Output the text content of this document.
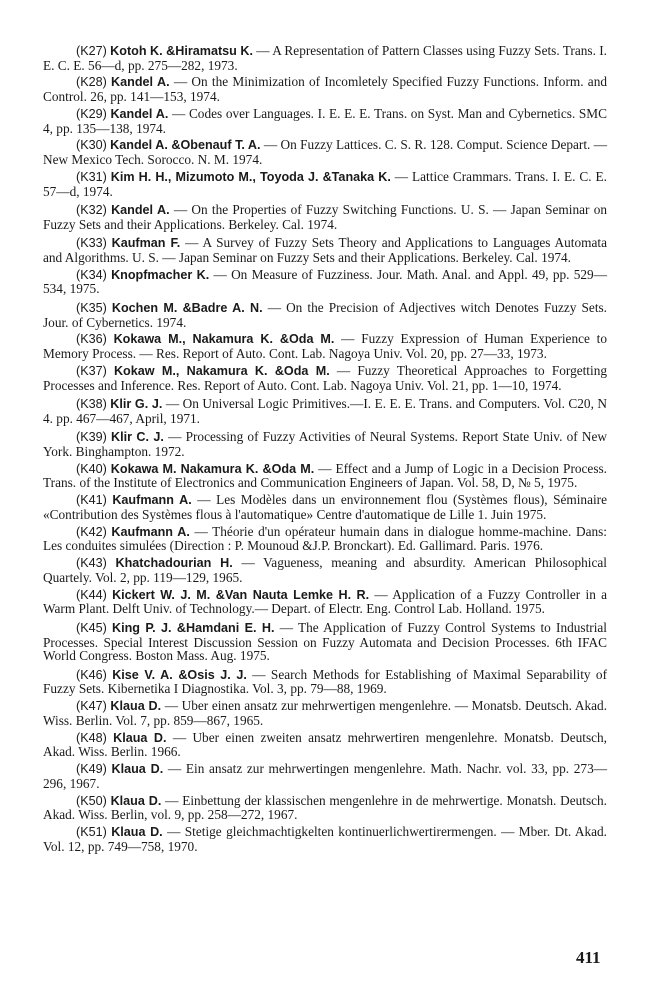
(K27) Kotoh K. &Hiramatsu K. — A Representation of Pattern Classes using Fuzzy Sets. Trans. I. E. C. E. 56—d, pp. 275—282, 1973.

(K28) Kandel A. — On the Minimization of Incomletely Specified Fuzzy Functions. Inform. and Control. 26, pp. 141—153, 1974.

(K29) Kandel A. — Codes over Languages. I. E. E. E. Trans. on Syst. Man and Cybernetics. SMC 4, pp. 135—138, 1974.

(K30) Kandel A. &Obenauf T. A. — On Fuzzy Lattices. C. S. R. 128. Comput. Science Depart. — New Mexico Tech. Sorocco. N. M. 1974.

(K31) Kim H. H., Mizumoto M., Toyoda J. &Tanaka K. — Lattice Crammars. Trans. I. E. C. E. 57—d, 1974.

(K32) Kandel A. — On the Properties of Fuzzy Switching Functions. U. S. — Japan Seminar on Fuzzy Sets and their Applications. Berkeley. Cal. 1974.

(K33) Kaufman F. — A Survey of Fuzzy Sets Theory and Applications to Languages Automata and Algorithms. U. S. — Japan Seminar on Fuzzy Sets and their Applications. Berkeley. Cal. 1974.

(K34) Knopfmacher K. — On Measure of Fuzziness. Jour. Math. Anal. and Appl. 49, pp. 529—534, 1975.

(K35) Kochen M. &Badre A. N. — On the Precision of Adjectives witch Denotes Fuzzy Sets. Jour. of Cybernetics. 1974.

(K36) Kokawa M., Nakamura K. &Oda M. — Fuzzy Expression of Human Experience to Memory Process. — Res. Report of Auto. Cont. Lab. Nagoya Univ. Vol. 20, pp. 27—33, 1973.

(K37) Kokaw M., Nakamura K. &Oda M. — Fuzzy Theoretical Approaches to Forgetting Processes and Inference. Res. Report of Auto. Cont. Lab. Nagoya Univ. Vol. 21, pp. 1—10, 1974.

(K38) Klir G. J. — On Universal Logic Primitives.—I. E. E. E. Trans. and Computers. Vol. C20, N 4. pp. 467—467, April, 1971.

(K39) Klir C. J. — Processing of Fuzzy Activities of Neural Systems. Report State Univ. of New York. Binghampton. 1972.

(K40) Kokawa M. Nakamura K. &Oda M. — Effect and a Jump of Logic in a Decision Process. Trans. of the Institute of Electronics and Communication Engineers of Japan. Vol. 58, D, № 5, 1975.

(K41) Kaufmann A. — Les Modèles dans un environnement flou (Systèmes flous), Séminaire «Contribution des Systèmes flous à l'automatique» Centre d'automatique de Lille 1. Juin 1975.

(K42) Kaufmann A. — Théorie d'un opérateur humain dans in dialogue homme-machine. Dans: Les conduites simulées (Direction : P. Mounoud &J.P. Bronckart). Ed. Gallimard. Paris. 1976.

(K43) Khatchadourian H. — Vagueness, meaning and absurdity. American Philosophical Quartely. Vol. 2, pp. 119—129, 1965.

(K44) Kickert W. J. M. &Van Nauta Lemke H. R. — Application of a Fuzzy Controller in a Warm Plant. Delft Univ. of Technology.— Depart. of Electr. Eng. Control Lab. Holland. 1975.

(K45) King P. J. &Hamdani E. H. — The Application of Fuzzy Control Systems to Industrial Processes. Special Interest Discussion Session on Fuzzy Automata and Decision Processes. 6th IFAC World Congress. Boston Mass. Aug. 1975.

(K46) Kise V. A. &Osis J. J. — Search Methods for Establishing of Maximal Separability of Fuzzy Sets. Kibernetika I Diagnostika. Vol. 3, pp. 79—88, 1969.

(K47) Klaua D. — Uber einen ansatz zur mehrwertigen mengenlehre. — Monatsb. Deutsch. Akad. Wiss. Berlin. Vol. 7, pp. 859—867, 1965.

(K48) Klaua D. — Uber einen zweiten ansatz mehrwertiren mengenlehre. Monatsb. Deutsch, Akad. Wiss. Berlin. 1966.

(K49) Klaua D. — Ein ansatz zur mehrwertingen mengenlehre. Math. Nachr. vol. 33, pp. 273—296, 1967.

(K50) Klaua D. — Einbettung der klassischen mengenlehre in de mehrwertige. Monatsh. Deutsch. Akad. Wiss. Berlin, vol. 9, pp. 258—272, 1967.

(K51) Klaua D. — Stetige gleichmachtigkelten kontinuerlichwertirermengen. — Mber. Dt. Akad. Vol. 12, pp. 749—758, 1970.

411
